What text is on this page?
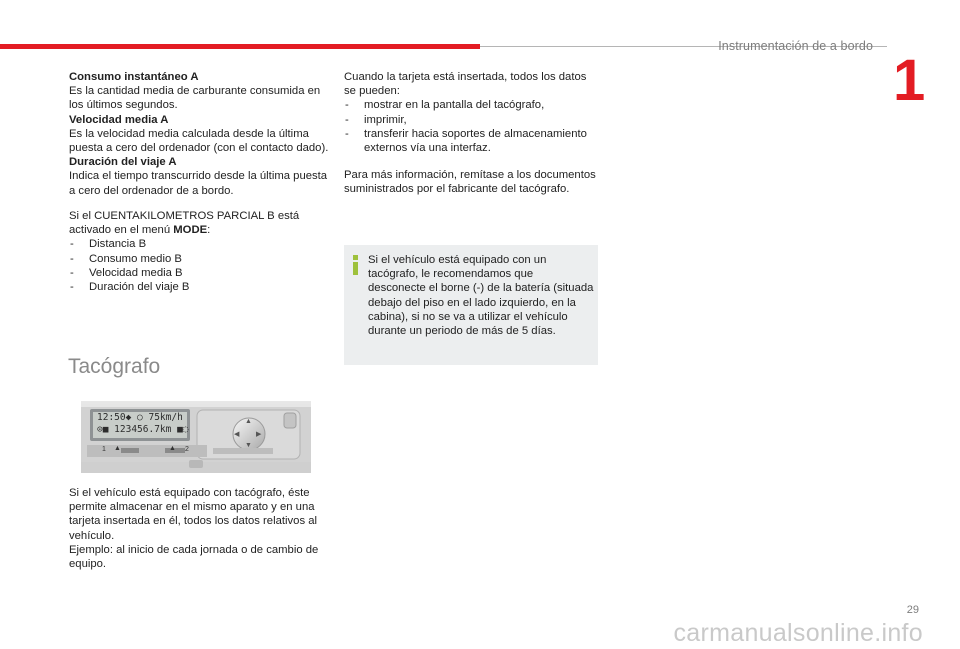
Instrumentación de a bordo
1

Consumo instantáneo A

Es la cantidad media de carburante consumida en los últimos segundos.

Velocidad media A

Es la velocidad media calculada desde la última puesta a cero del ordenador (con el contacto dado).

Duración del viaje A

Indica el tiempo transcurrido desde la última puesta a cero del ordenador de a bordo.

Si el CUENTAKILOMETROS PARCIAL B está activado en el menú MODE:

- Distancia B
- Consumo medio B
- Velocidad media B
- Duración del viaje B
Tacógrafo
12:50◆ ○ 75km/h
⊙■ 123456.7km ■◌
1 ▲	▲ 2
▲
▼
◀ ▶

Si el vehículo está equipado con tacógrafo, éste permite almacenar en el mismo aparato y en una tarjeta insertada en él, todos los datos relativos al vehículo.

Ejemplo: al inicio de cada jornada o de cambio de equipo.

Cuando la tarjeta está insertada, todos los datos se pueden:

- mostrar en la pantalla del tacógrafo,
- imprimir,
- transferir hacia soportes de almacenamiento externos vía una interfaz.

Para más información, remítase a los documentos suministrados por el fabricante del tacógrafo.

Si el vehículo está equipado con un tacógrafo, le recomendamos que desconecte el borne (-) de la batería (situada debajo del piso en el lado izquierdo, en la cabina), si no se va a utilizar el vehículo durante un periodo de más de 5 días.
29
carmanualsonline.info
